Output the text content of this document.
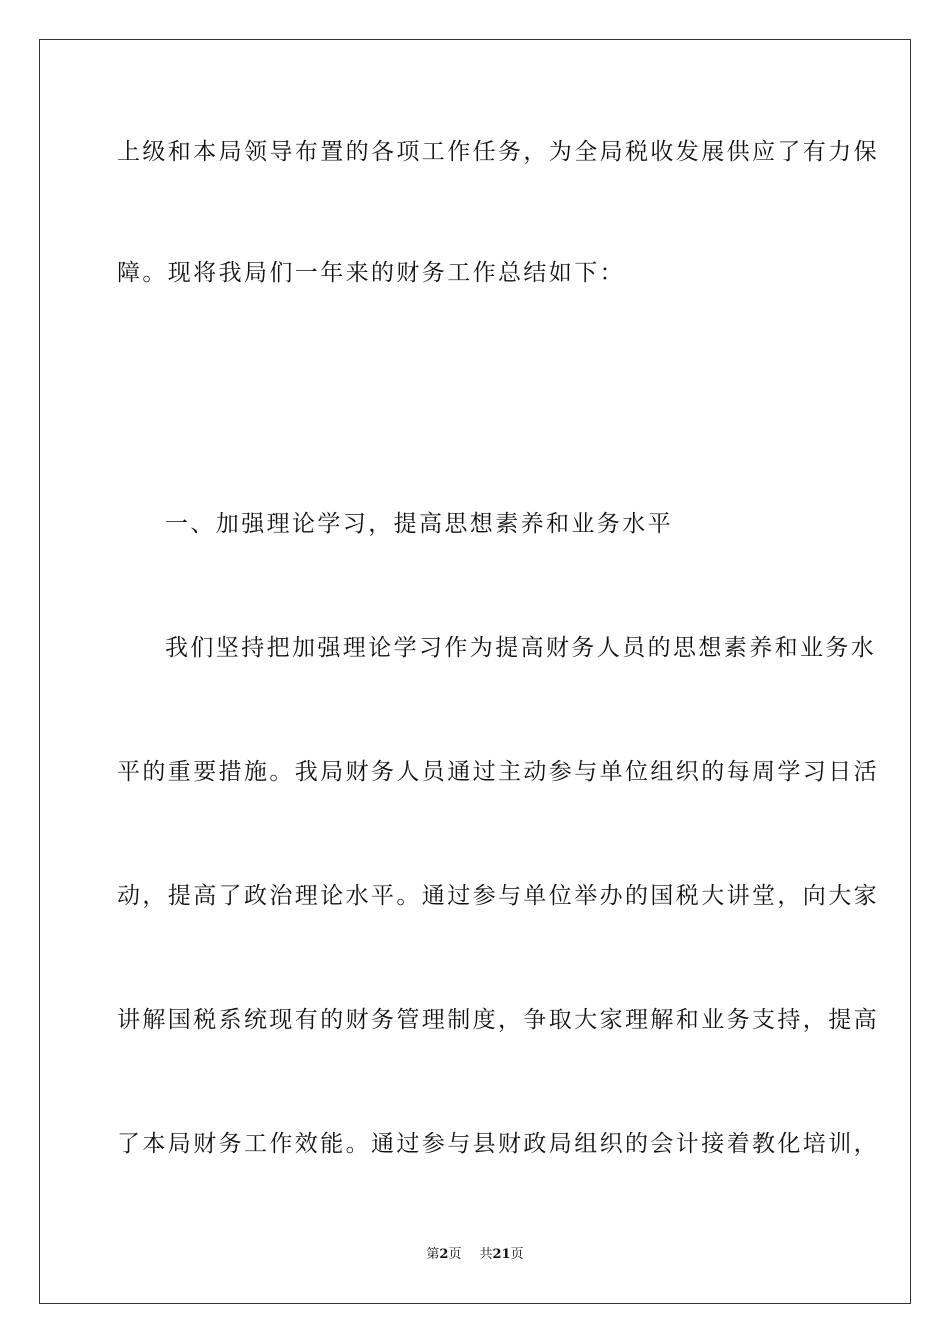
上级和本局领导布置的各项工作任务，为全局税收发展供应了有力保
障。现将我局们一年来的财务工作总结如下：
一、加强理论学习，提高思想素养和业务水平
我们坚持把加强理论学习作为提高财务人员的思想素养和业务水
平的重要措施。我局财务人员通过主动参与单位组织的每周学习日活
动，提高了政治理论水平。通过参与单位举办的国税大讲堂，向大家
讲解国税系统现有的财务管理制度，争取大家理解和业务支持，提高
了本局财务工作效能。通过参与县财政局组织的会计接着教化培训，
第2页 共21页
